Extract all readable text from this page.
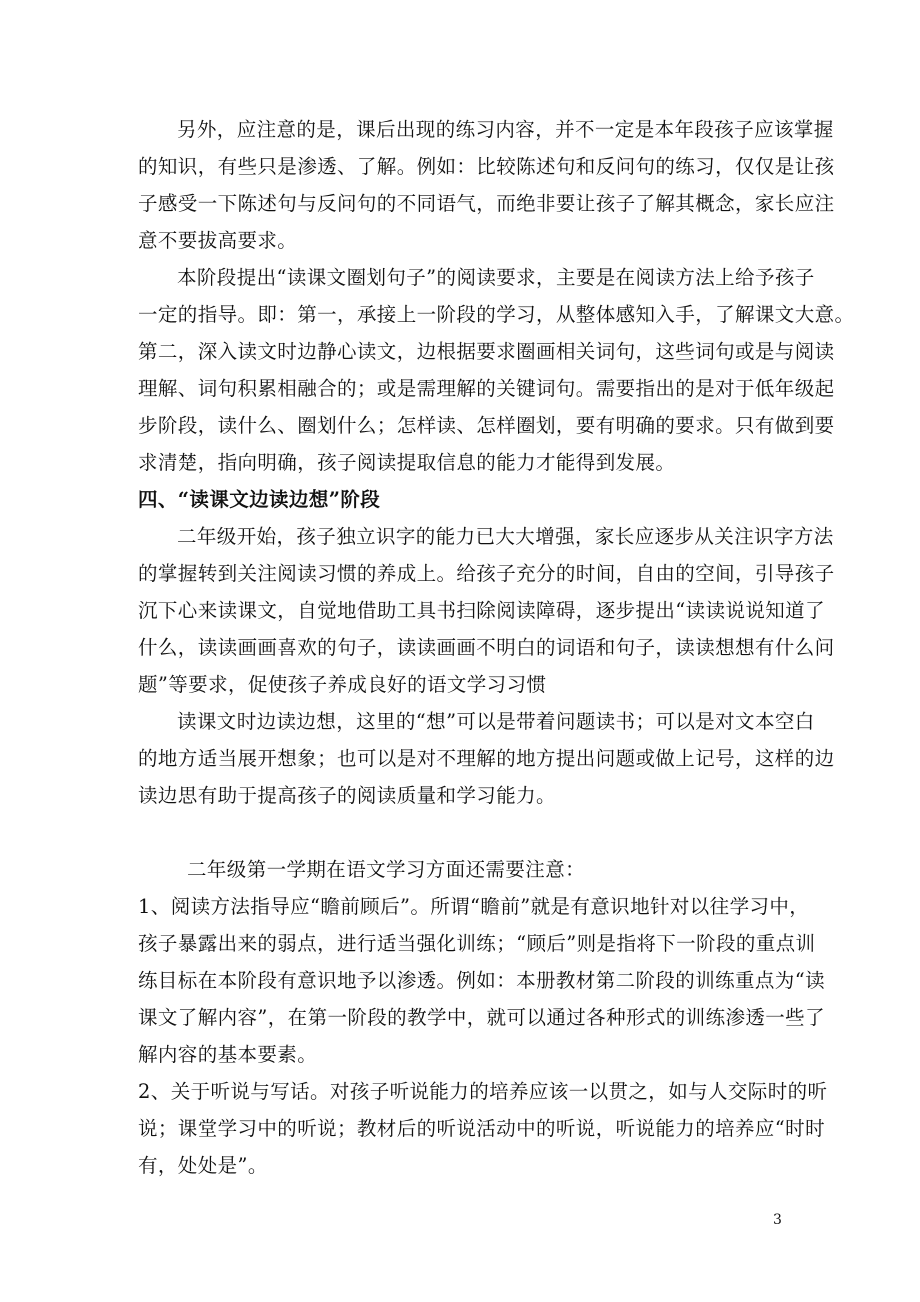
另外，应注意的是，课后出现的练习内容，并不一定是本年段孩子应该掌握
的知识，有些只是渗透、了解。例如：比较陈述句和反问句的练习，仅仅是让孩
子感受一下陈述句与反问句的不同语气，而绝非要让孩子了解其概念，家长应注
意不要拔高要求。
本阶段提出“读课文圈划句子”的阅读要求，主要是在阅读方法上给予孩子
一定的指导。即：第一，承接上一阶段的学习，从整体感知入手，了解课文大意。
第二，深入读文时边静心读文，边根据要求圈画相关词句，这些词句或是与阅读
理解、词句积累相融合的；或是需理解的关键词句。需要指出的是对于低年级起
步阶段，读什么、圈划什么；怎样读、怎样圈划，要有明确的要求。只有做到要
求清楚，指向明确，孩子阅读提取信息的能力才能得到发展。
四、“读课文边读边想”阶段
二年级开始，孩子独立识字的能力已大大增强，家长应逐步从关注识字方法
的掌握转到关注阅读习惯的养成上。给孩子充分的时间，自由的空间，引导孩子
沉下心来读课文，自觉地借助工具书扫除阅读障碍，逐步提出“读读说说知道了
什么，读读画画喜欢的句子，读读画画不明白的词语和句子，读读想想有什么问
题”等要求，促使孩子养成良好的语文学习习惯
读课文时边读边想，这里的“想”可以是带着问题读书；可以是对文本空白
的地方适当展开想象；也可以是对不理解的地方提出问题或做上记号，这样的边
读边思有助于提高孩子的阅读质量和学习能力。
二年级第一学期在语文学习方面还需要注意：
1、阅读方法指导应“瞻前顾后”。所谓“瞻前”就是有意识地针对以往学习中，
孩子暴露出来的弱点，进行适当强化训练；“顾后”则是指将下一阶段的重点训
练目标在本阶段有意识地予以渗透。例如：本册教材第二阶段的训练重点为“读
课文了解内容”，在第一阶段的教学中，就可以通过各种形式的训练渗透一些了
解内容的基本要素。
2、关于听说与写话。对孩子听说能力的培养应该一以贯之，如与人交际时的听
说；课堂学习中的听说；教材后的听说活动中的听说，听说能力的培养应“时时
有，处处是”。
3
